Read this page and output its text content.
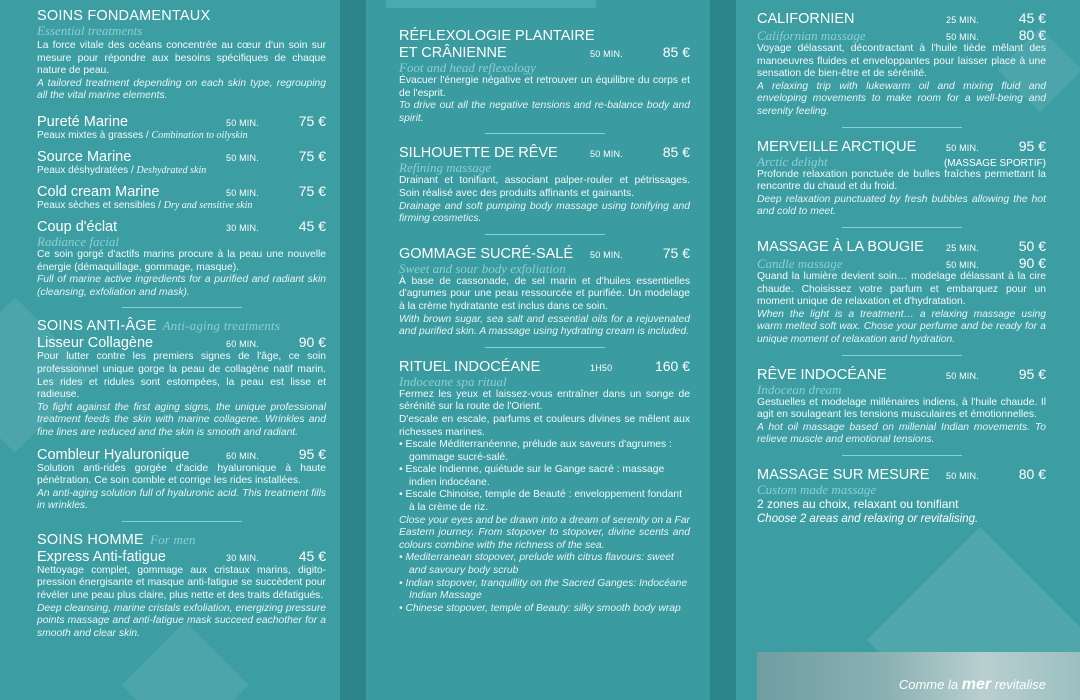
SOINS FONDAMENTAUX
Essential treatments
La force vitale des océans concentrée au cœur d'un soin sur mesure pour répondre aux besoins spécifiques de chaque nature de peau.
A tailored treatment depending on each skin type, regrouping all the vital marine elements.
Pureté Marine	50 MIN.	75 €
Peaux mixtes à grasses / Combination to oilyskin
Source Marine	50 MIN.	75 €
Peaux déshydratées / Deshydrated skin
Cold cream Marine	50 MIN.	75 €
Peaux sèches et sensibles / Dry and sensitive skin
Coup d'éclat	30 MIN.	45 €
Radiance facial
Ce soin gorgé d'actifs marins procure à la peau une nouvelle énergie (démaquillage, gommage, masque).
Full of marine active ingredients for a purified and radiant skin (cleansing, exfoliation and mask).
SOINS ANTI-ÂGE Anti-aging treatments
Lisseur Collagène	60 MIN.	90 €
Pour lutter contre les premiers signes de l'âge, ce soin professionnel unique gorge la peau de collagène natif marin. Les rides et ridules sont estompées, la peau est lisse et radieuse.
To fight against the first aging signs, the unique professional treatment feeds the skin with marine collagene. Wrinkles and fine lines are reduced and the skin is smooth and radiant.
Combleur Hyaluronique	60 MIN.	95 €
Solution anti-rides gorgée d'acide hyaluronique à haute pénétration. Ce soin comble et corrige les rides installées.
An anti-aging solution full of hyaluronic acid. This treatment fills in wrinkles.
SOINS HOMME For men
Express Anti-fatigue	30 MIN.	45 €
Nettoyage complet, gommage aux cristaux marins, digito-pression énergisante et masque anti-fatigue se succèdent pour révéler une peau plus claire, plus nette et des traits défatigués.
Deep cleansing, marine cristals exfoliation, energizing pressure points massage and anti-fatigue mask succeed eachother for a smooth and clear skin.
RÉFLEXOLOGIE PLANTAIRE
ET CRÂNIENNE	50 MIN.	85 €
Foot and head reflexology
Évacuer l'énergie négative et retrouver un équilibre du corps et de l'esprit.
To drive out all the negative tensions and re-balance body and spirit.
SILHOUETTE DE RÊVE	50 MIN.	85 €
Refining massage
Drainant et tonifiant, associant palper-rouler et pétrissages. Soin réalisé avec des produits affinants et gainants.
Drainage and soft pumping body massage using tonifying and firming cosmetics.
GOMMAGE SUCRÉ-SALÉ	50 MIN.	75 €
Sweet and sour body exfoliation
À base de cassonade, de sel marin et d'huiles essentielles d'agrumes pour une peau ressourcée et purifiée. Un modelage à la crème hydratante est inclus dans ce soin.
With brown sugar, sea salt and essential oils for a rejuvenated and purified skin. A massage using hydrating cream is included.
RITUEL INDOCÉANE	1H50	160 €
Indoceane spa ritual
Fermez les yeux et laissez-vous entraîner dans un songe de sérénité sur la route de l'Orient.
D'escale en escale, parfums et couleurs divines se mêlent aux richesses marines.
• Escale Méditerranéenne, prélude aux saveurs d'agrumes : gommage sucré-salé.
• Escale Indienne, quiétude sur le Gange sacré : massage indien indocéane.
• Escale Chinoise, temple de Beauté : enveloppement fondant à la crème de riz.
Close your eyes and be drawn into a dream of serenity on a Far Eastern journey. From stopover to stopover, divine scents and colours combine with the richness of the sea.
• Mediterranean stopover, prelude with citrus flavours: sweet and savoury body scrub
• Indian stopover, tranquillity on the Sacred Ganges: Indocéane Indian Massage
• Chinese stopover, temple of Beauty: silky smooth body wrap
CALIFORNIEN	25 MIN.	45 €
Californian massage	50 MIN.	80 €
Voyage délassant, décontractant à l'huile tiède mêlant des manoeuvres fluides et enveloppantes pour laisser place à une sensation de bien-être et de sérénité.
A relaxing trip with lukewarm oil and mixing fluid and enveloping movements to make room for a well-being and serenity feeling.
MERVEILLE ARCTIQUE	50 MIN.	95 €
Arctic delight	(MASSAGE SPORTIF)
Profonde relaxation ponctuée de bulles fraîches permettant la rencontre du chaud et du froid.
Deep relaxation punctuated by fresh bubbles allowing the hot and cold to meet.
MASSAGE À LA BOUGIE	25 MIN.	50 €
Candle massage	50 MIN.	90 €
Quand la lumière devient soin… modelage délassant à la cire chaude. Choisissez votre parfum et embarquez pour un moment unique de relaxation et d'hydratation.
When the light is a treatment… a relaxing massage using warm melted soft wax. Chose your perfume and be ready for a unique moment of relaxation and hydration.
RÊVE INDOCÉANE	50 MIN.	95 €
Indocean dream
Gestuelles et modelage millénaires indiens, à l'huile chaude. Il agit en soulageant les tensions musculaires et émotionnelles.
A hot oil massage based on millenial Indian movements. To relieve muscle and emotional tensions.
MASSAGE SUR MESURE	50 MIN.	80 €
Custom made massage
2 zones au choix, relaxant ou tonifiant
Choose 2 areas and relaxing or revitalising.
Comme la mer revitalise
